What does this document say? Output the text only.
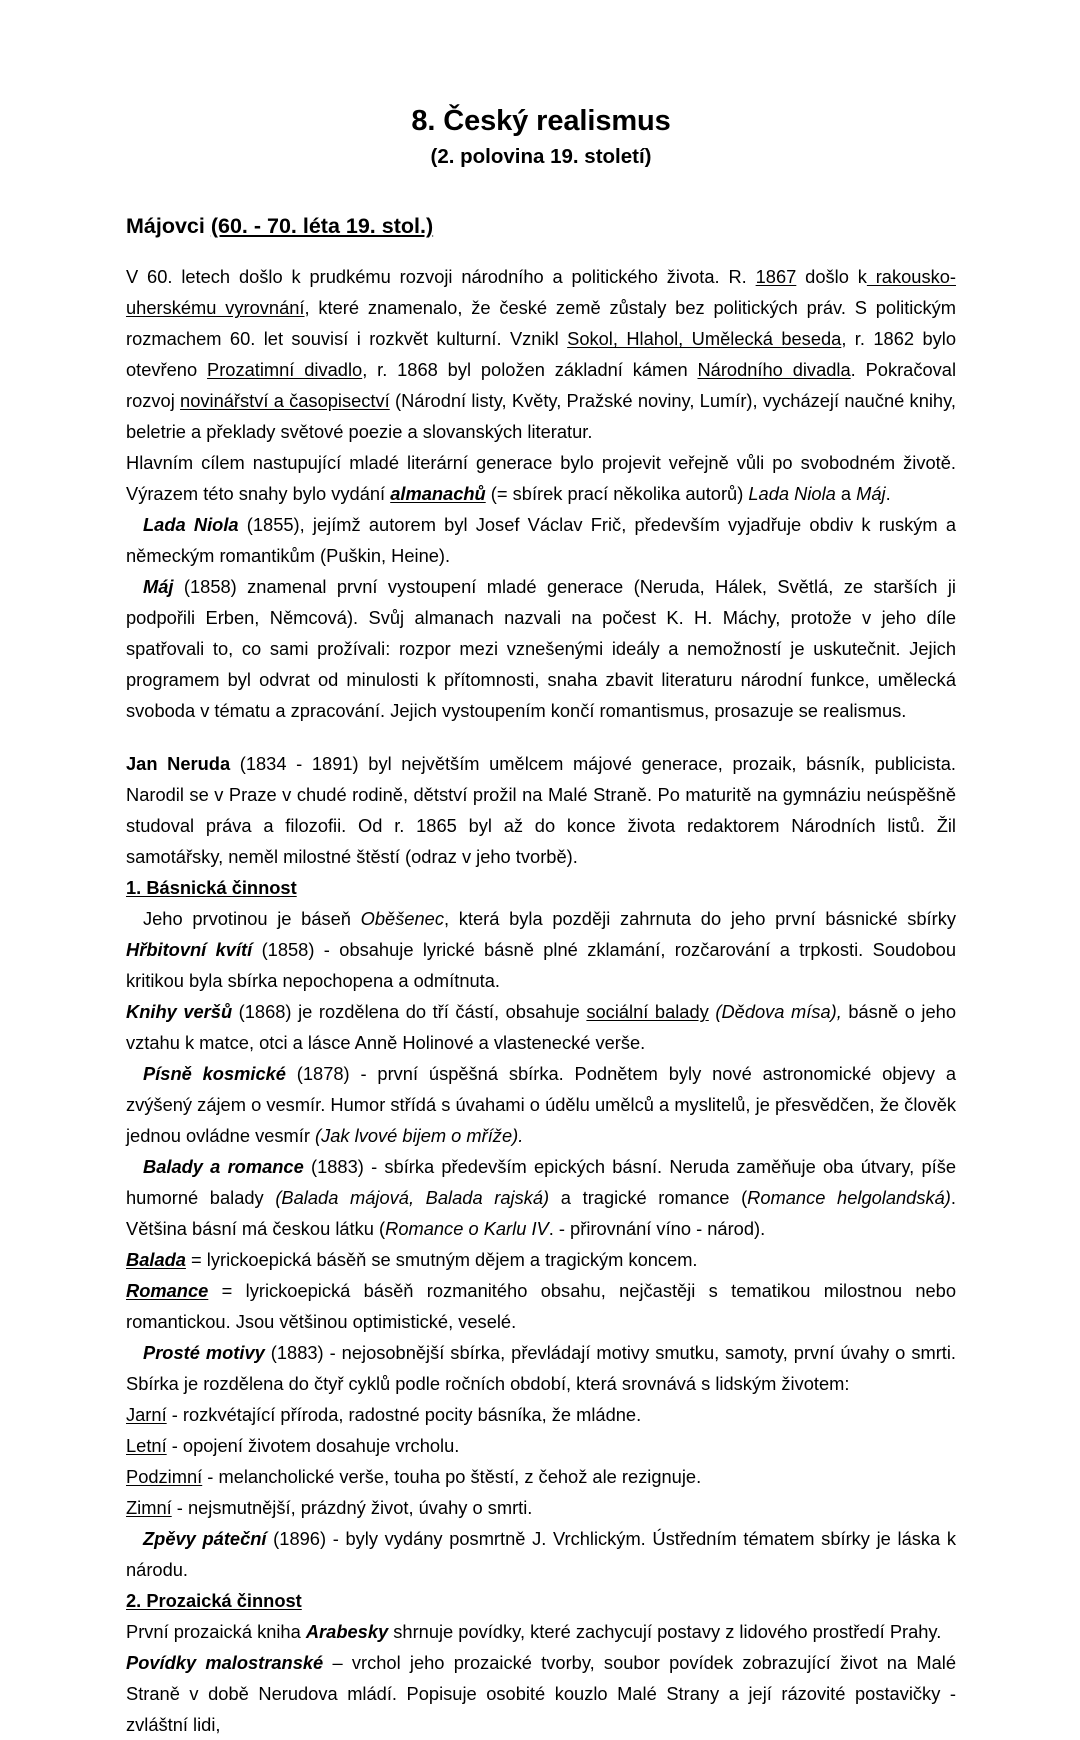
8. Český realismus
(2. polovina 19. století)
Májovci (60. - 70. léta 19. stol.)

V 60. letech došlo k prudkému rozvoji národního a politického života. R. 1867 došlo k rakousko-uherskému vyrovnání, které znamenalo, že české země zůstaly bez politických práv. S politickým rozmachem 60. let souvisí i rozkvět kulturní. Vznikl Sokol, Hlahol, Umělecká beseda, r. 1862 bylo otevřeno Prozatimní divadlo, r. 1868 byl položen základní kámen Národního divadla. Pokračoval rozvoj novinářství a časopisectví (Národní listy, Květy, Pražské noviny, Lumír), vycházejí naučné knihy, beletrie a překlady světové poezie a slovanských literatur.

Hlavním cílem nastupující mladé literární generace bylo projevit veřejně vůli po svobodném životě. Výrazem této snahy bylo vydání almanachů (= sbírek prací několika autorů) Lada Niola a Máj.

Lada Niola (1855), jejímž autorem byl Josef Václav Frič, především vyjadřuje obdiv k ruským a německým romantikům (Puškin, Heine).

Máj (1858) znamenal první vystoupení mladé generace (Neruda, Hálek, Světlá, ze starších ji podpořili Erben, Němcová). Svůj almanach nazvali na počest K. H. Máchy, protože v jeho díle spatřovali to, co sami prožívali: rozpor mezi vznešenými ideály a nemožností je uskutečnit. Jejich programem byl odvrat od minulosti k přítomnosti, snaha zbavit literaturu národní funkce, umělecká svoboda v tématu a zpracování. Jejich vystoupením končí romantismus, prosazuje se realismus.

Jan Neruda (1834 - 1891) byl největším umělcem májové generace, prozaik, básník, publicista. Narodil se v Praze v chudé rodině, dětství prožil na Malé Straně. Po maturitě na gymnáziu neúspěšně studoval práva a filozofii. Od r. 1865 byl až do konce života redaktorem Národních listů. Žil samotářsky, neměl milostné štěstí (odraz v jeho tvorbě).

1. Básnická činnost

Jeho prvotinou je báseň Oběšenec, která byla později zahrnuta do jeho první básnické sbírky Hřbitovní kvítí (1858) - obsahuje lyrické básně plné zklamání, rozčarování a trpkosti. Soudobou kritikou byla sbírka nepochopena a odmítnuta.

Knihy veršů (1868) je rozdělena do tří částí, obsahuje sociální balady (Dědova mísa), básně o jeho vztahu k matce, otci a lásce Anně Holinové a vlastenecké verše.

Písně kosmické (1878) - první úspěšná sbírka. Podnětem byly nové astronomické objevy a zvýšený zájem o vesmír. Humor střídá s úvahami o údělu umělců a myslitelů, je přesvědčen, že člověk jednou ovládne vesmír (Jak lvové bijem o mříže).

Balady a romance (1883) - sbírka především epických básní. Neruda zaměňuje oba útvary, píše humorné balady (Balada májová, Balada rajská) a tragické romance (Romance helgolandská). Většina básní má českou látku (Romance o Karlu IV. - přirovnání víno - národ).

Balada = lyrickoepická básěň se smutným dějem a tragickým koncem.

Romance = lyrickoepická básěň rozmanitého obsahu, nejčastěji s tematikou milostnou nebo romantickou. Jsou většinou optimistické, veselé.

Prosté motivy (1883) - nejosobnější sbírka, převládají motivy smutku, samoty, první úvahy o smrti. Sbírka je rozdělena do čtyř cyklů podle ročních období, která srovnává s lidským životem:

Jarní - rozkvétající příroda, radostné pocity básníka, že mládne.

Letní - opojení životem dosahuje vrcholu.

Podzimní - melancholické verše, touha po štěstí, z čehož ale rezignuje.

Zimní - nejsmutnější, prázdný život, úvahy o smrti.

Zpěvy páteční (1896) - byly vydány posmrtně J. Vrchlickým. Ústředním tématem sbírky je láska k národu.

2. Prozaická činnost

První prozaická kniha Arabesky shrnuje povídky, které zachycují postavy z lidového prostředí Prahy.

Povídky malostranské – vrchol jeho prozaické tvorby, soubor povídek zobrazující život na Malé Straně v době Nerudova mládí. Popisuje osobité kouzlo Malé Strany a její rázovité postavičky - zvláštní lidi,
